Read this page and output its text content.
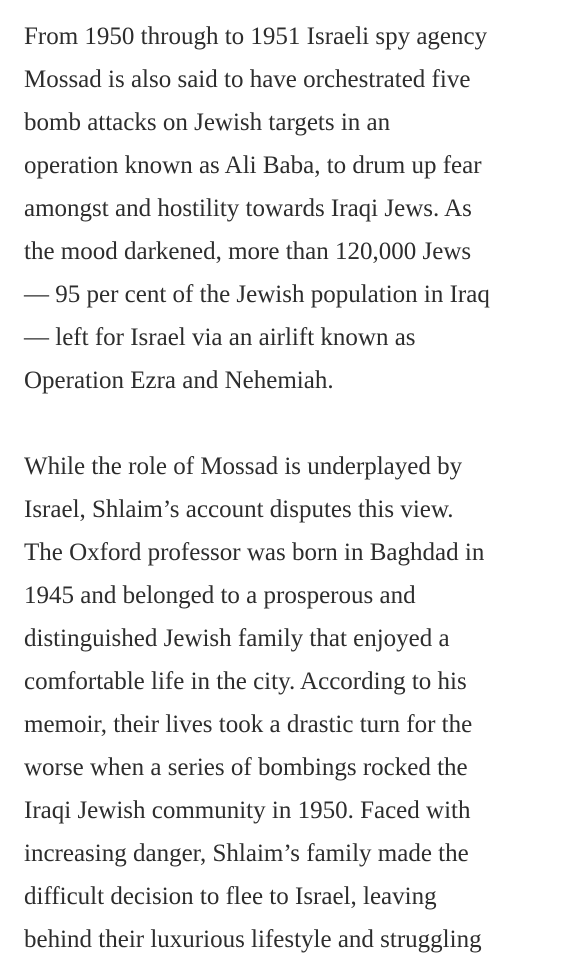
From 1950 through to 1951 Israeli spy agency
Mossad is also said to have orchestrated five
bomb attacks on Jewish targets in an
operation known as Ali Baba, to drum up fear
amongst and hostility towards Iraqi Jews. As
the mood darkened, more than 120,000 Jews
— 95 per cent of the Jewish population in Iraq
— left for Israel via an airlift known as
Operation Ezra and Nehemiah.

While the role of Mossad is underplayed by
Israel, Shlaim’s account disputes this view.
The Oxford professor was born in Baghdad in
1945 and belonged to a prosperous and
distinguished Jewish family that enjoyed a
comfortable life in the city. According to his
memoir, their lives took a drastic turn for the
worse when a series of bombings rocked the
Iraqi Jewish community in 1950. Faced with
increasing danger, Shlaim’s family made the
difficult decision to flee to Israel, leaving
behind their luxurious lifestyle and struggling
